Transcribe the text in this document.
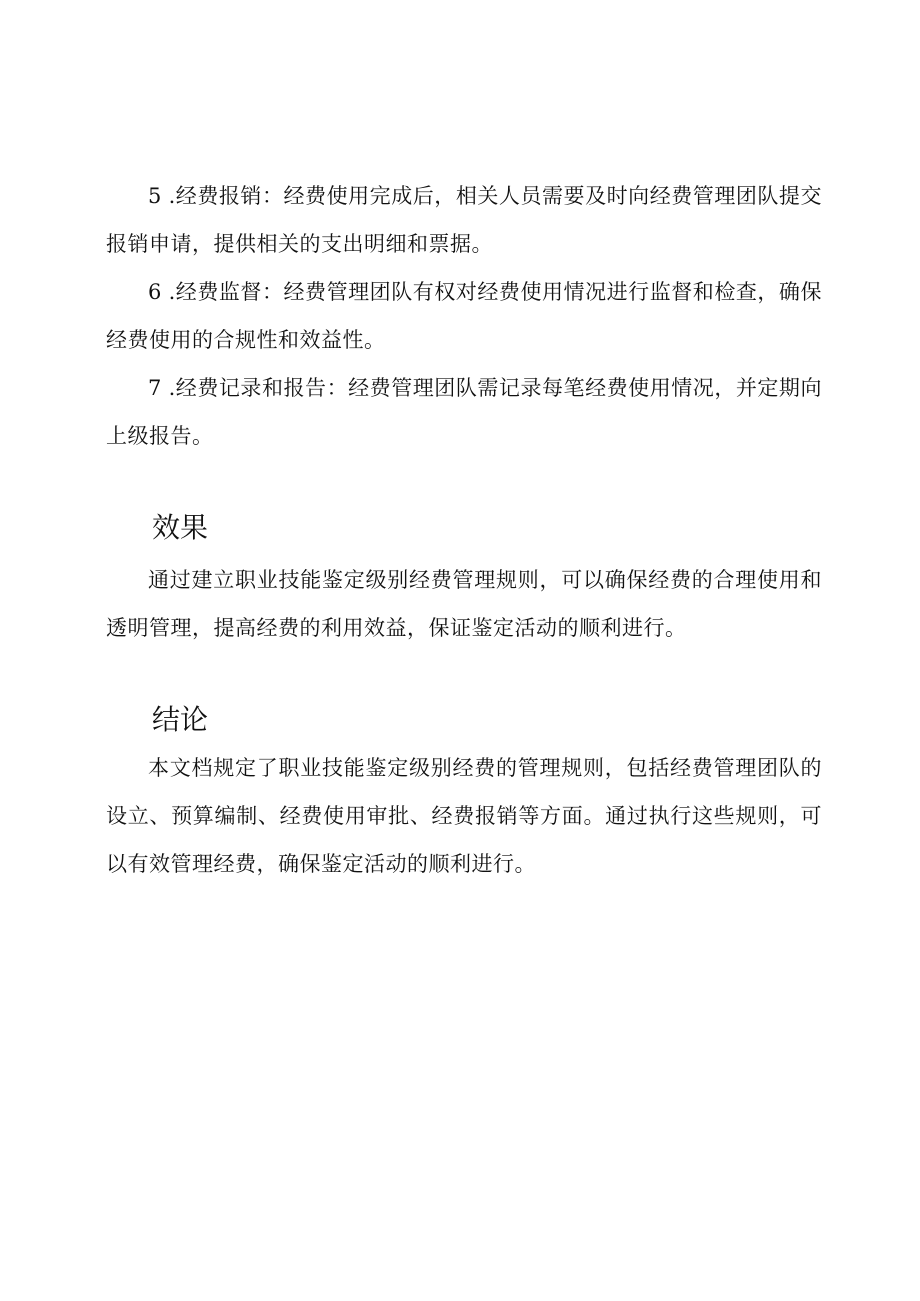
5 .经费报销：经费使用完成后，相关人员需要及时向经费管理团队提交报销申请，提供相关的支出明细和票据。

6 .经费监督：经费管理团队有权对经费使用情况进行监督和检查，确保经费使用的合规性和效益性。

7 .经费记录和报告：经费管理团队需记录每笔经费使用情况，并定期向上级报告。

效果

通过建立职业技能鉴定级别经费管理规则，可以确保经费的合理使用和透明管理，提高经费的利用效益，保证鉴定活动的顺利进行。

结论

本文档规定了职业技能鉴定级别经费的管理规则，包括经费管理团队的设立、预算编制、经费使用审批、经费报销等方面。通过执行这些规则，可以有效管理经费，确保鉴定活动的顺利进行。
